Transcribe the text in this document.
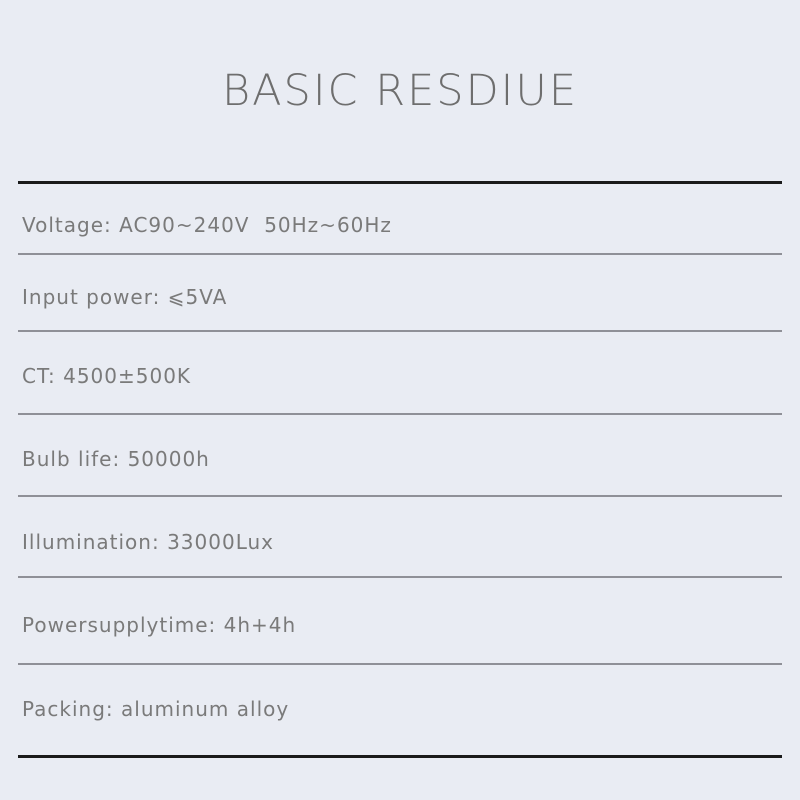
BASIC RESDIUE
Voltage: AC90~240V  50Hz~60Hz
Input power: ⩽5VA
CT: 4500±500K
Bulb life: 50000h
Illumination: 33000Lux
Powersupplytime: 4h+4h
Packing: aluminum alloy
